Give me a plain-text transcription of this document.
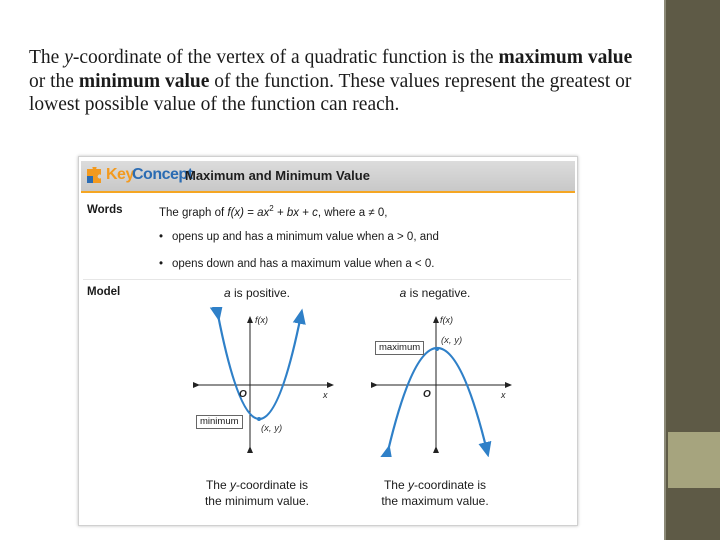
The y-coordinate of the vertex of a quadratic function is the maximum value or the minimum value of the function. These values represent the greatest or lowest possible value of the function can reach.
Key
Concept
Maximum and Minimum Value
Words	The graph of $f(x) = ax^2$ + bx + c, where a ≠ 0,
• opens up and has a minimum value when a > 0, and
• opens down and has a maximum value when a < 0.
Model	a is positive.	a is negative.
f(x)
x
O
minimum
(x, y)
f(x)
x
O
maximum
(x, y)
The y-coordinate is
the minimum value.
The y-coordinate is
the maximum value.
